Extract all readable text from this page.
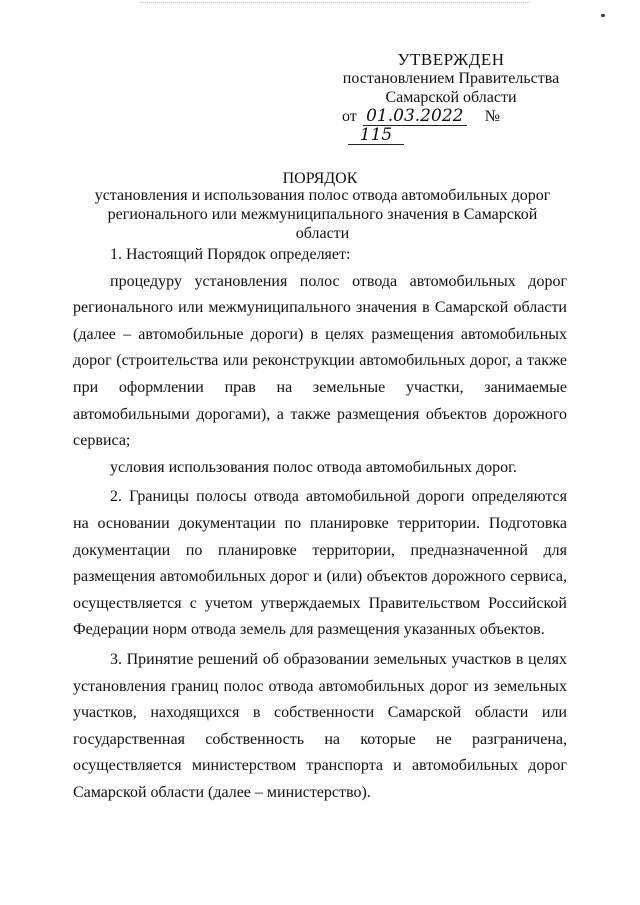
УТВЕРЖДЕН
постановлением Правительства
Самарской области
от 01.03.2022 № 115
ПОРЯДОК
установления и использования полос отвода автомобильных дорог регионального или межмуниципального значения в Самарской области

1. Настоящий Порядок определяет:

процедуру установления полос отвода автомобильных дорог регионального или межмуниципального значения в Самарской области (далее – автомобильные дороги) в целях размещения автомобильных дорог (строительства или реконструкции автомобильных дорог, а также при оформлении прав на земельные участки, занимаемые автомобильными дорогами), а также размещения объектов дорожного сервиса;

условия использования полос отвода автомобильных дорог.

2. Границы полосы отвода автомобильной дороги определяются на основании документации по планировке территории. Подготовка документации по планировке территории, предназначенной для размещения автомобильных дорог и (или) объектов дорожного сервиса, осуществляется с учетом утверждаемых Правительством Российской Федерации норм отвода земель для размещения указанных объектов.

3. Принятие решений об образовании земельных участков в целях установления границ полос отвода автомобильных дорог из земельных участков, находящихся в собственности Самарской области или государственная собственность на которые не разграничена, осуществляется министерством транспорта и автомобильных дорог Самарской области (далее – министерство).
